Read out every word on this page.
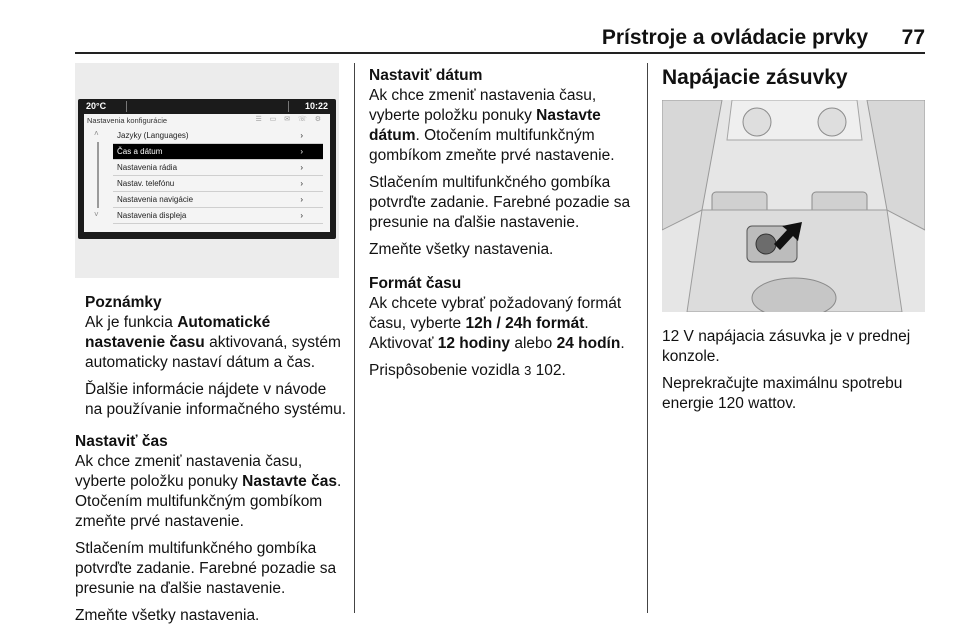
Prístroje a ovládacie prvky 77
20°C	10:22
Nastavenia konfigurácie	☰ ▭ ✉ ☏ ⚙
˄
˅
Jazyky (Languages)	›
Čas a dátum	›
Nastavenia rádia	›
Nastav. telefónu	›
Nastavenia navigácie	›
Nastavenia displeja	›
Poznámky

Ak je funkcia Automatické nastavenie času aktivovaná, systém automaticky nastaví dátum a čas.

Ďalšie informácie nájdete v návode na používanie informačného systému.

Nastaviť čas

Ak chce zmeniť nastavenia času, vyberte položku ponuky Nastavte čas. Otočením multifunkčným gombíkom zmeňte prvé nastavenie.

Stlačením multifunkčného gombíka potvrďte zadanie. Farebné pozadie sa presunie na ďalšie nastavenie.

Zmeňte všetky nastavenia.

Nastaviť dátum

Ak chce zmeniť nastavenia času, vyberte položku ponuky Nastavte dátum. Otočením multifunkčným gombíkom zmeňte prvé nastavenie.

Stlačením multifunkčného gombíka potvrďte zadanie. Farebné pozadie sa presunie na ďalšie nastavenie.

Zmeňte všetky nastavenia.

Formát času

Ak chcete vybrať požadovaný formát času, vyberte 12h / 24h formát.

Aktivovať 12 hodiny alebo 24 hodín.

Prispôsobenie vozidla 3 102.

Napájacie zásuvky

12 V napájacia zásuvka je v prednej konzole.

Neprekračujte maximálnu spotrebu energie 120 wattov.
